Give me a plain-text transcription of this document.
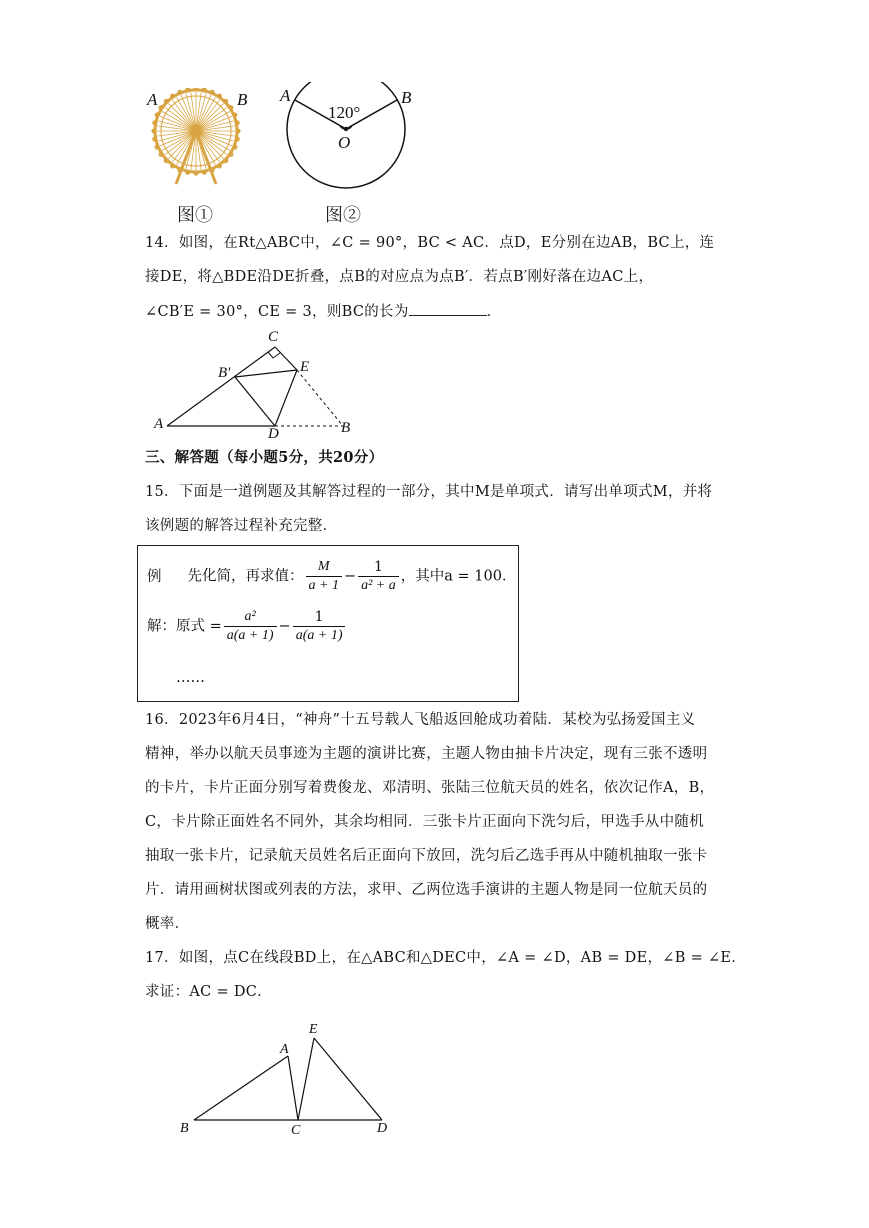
A	B
图①
A	B
120°
O
图②
14．如图，在Rt△ABC中，∠C = 90°，BC < AC．点D，E分别在边AB，BC上，连
接DE，将△BDE沿DE折叠，点B的对应点为点B′．若点B′刚好落在边AC上，
∠CB′E = 30°，CE = 3，则BC的长为	．
C
B′	E
A
D	B
三、解答题（每小题5分，共20分）
15．下面是一道例题及其解答过程的一部分，其中M是单项式．请写出单项式M，并将
该例题的解答过程补充完整．
例 先化简，再求值： $\frac{M}{a + 1} - \frac{1}{\text{a² + a}}$ ，其中a = 100．
解：原式 = $\frac{\text{a²}}{a(a + 1)} - \frac{1}{a(a + 1)}$
……
16．2023年6月4日，“神舟”十五号载人飞船返回舱成功着陆．某校为弘扬爱国主义
精神，举办以航天员事迹为主题的演讲比赛，主题人物由抽卡片决定，现有三张不透明
的卡片，卡片正面分别写着费俊龙、邓清明、张陆三位航天员的姓名，依次记作A，B，
C，卡片除正面姓名不同外，其余均相同．三张卡片正面向下洗匀后，甲选手从中随机
抽取一张卡片，记录航天员姓名后正面向下放回，洗匀后乙选手再从中随机抽取一张卡
片．请用画树状图或列表的方法，求甲、乙两位选手演讲的主题人物是同一位航天员的
概率．
17．如图，点C在线段BD上，在△ABC和△DEC中，∠A = ∠D，AB = DE，∠B = ∠E．
求证：AC = DC．
A
E
B	C	D
